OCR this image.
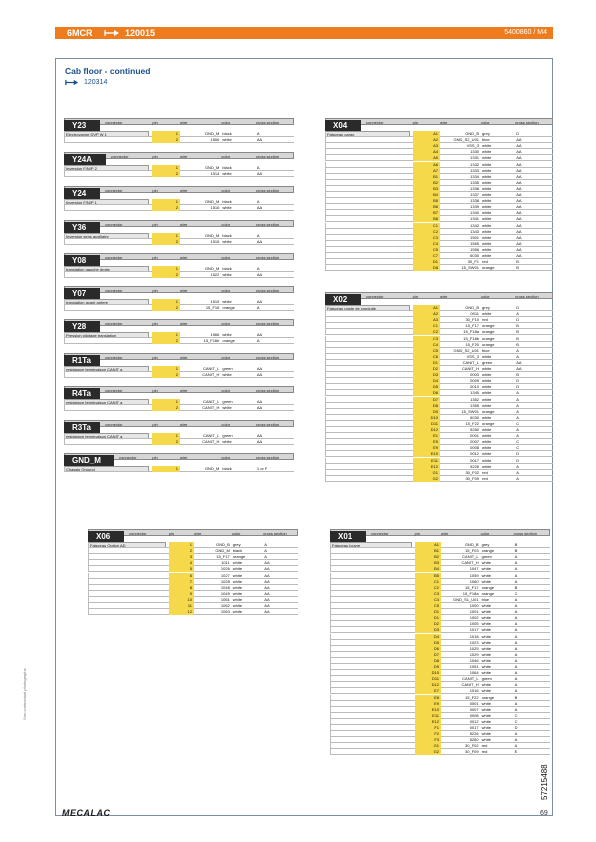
6MCR	120015	5400860 / M4
Cab floor - continued
120314
connector	pin	wire	color	cross section
Y23
Electrovanne DVP W 1	1	GND_M black	A
2	1506 white	AA
connector	pin	wire	color	cross section
Y24A
Inversion F/N/P 2	1	GND_M black	A
2	1514 white	AA
connector	pin	wire	color	cross section
Y24
Inversion F/N/P 1	1	GND_M black	A
2	1516 white	AA
connector	pin	wire	color	cross section
Y36
Inversion sens auxiliaire	1	GND_M black	A
2	1515 white	AA
connector	pin	wire	color	cross section
Y08
translation gauche droite	1	GND_M black	A
2	1522 white	AA
connector	pin	wire	color	cross section
Y07
translation avant arriere	1	1519 white	AA
2	15_F16 orange	A
connector	pin	wire	color	cross section
Y28
Pression pilotage translation	1	1566 white	AA
2	15_F16b orange	A
connector	pin	wire	color	cross section
R1Ta
resistance terminaison CANIT a	1	CANIT_L green	AA
2	CANIT_H white	AA
connector	pin	wire	color	cross section
R4Ta
resistance terminaison CANIT a	1	CANIT_L green	AA
2	CANIT_H white	AA
connector	pin	wire	color	cross section
R3Ta
resistance terminaison CANIT a	1	CANIT_L green	AA
2	CANIT_H white	AA
connector	pin	wire	color	cross section
GND_M
Chassis Ground	1	GND_M black	1 or F
connector	pin	wire	color	cross section
X04
Faisceau cargo	A1	GND_B grey	D
A2	GND_S2_U01 blue	AA
A3	VSS_3 white	AA
A4	1330 white	AA
A5	1331 white	AA
A6	1332 white	AA
A7	1333 white	AA
B1	1334 white	AA
B2	1335 white	AA
B3	1336 white	AA
B4	1337 white	AA
B5	1338 white	AA
B6	1339 white	AA
B7	1340 white	AA
B8	1341 white	AA
C1	1342 white	AA
C2	1343 white	AA
C3	1501 white	AA
C4	1565 white	AA
C5	1556 white	AA
C7	6030 white	AA
D1	30_F1 red	B
D8	15_SW01 orange	B
connector	pin	wire	color	cross section
X02
Faisceau poste de conduite	A1	GND_B grey	D
A2	0011 white	A
A3	30_F10 red	D
C1	15_F17 orange	B
C2	15_F18a orange	B
C3	15_F18b orange	B
C4	15_F20 orange	B
C5	GND_S2_U01 blue	A
C6	VSS_3 white	A
D1	CANIT_L green	AA
D2	CANIT_H white	AA
D3	0003 white	B
D4	0009 white	D
D5	0010 white	D
D6	1345 white	A
D7	1352 white	A
D8	1355 white	A
D9	15_SW01 orange	A
D10	6030 white	A
D11	15_F22 orange	C
D12	5260 white	A
E1	0001 white	A
E5	0007 white	C
E9	0008 white	C
E10	0012 white	D
E11	0017 white	D
E12	5226 white	A
G1	30_F02 red	A
G2	30_F09 red	A
connector	pin	wire	color	cross section
X06
Faisceau Option AD	1	GND_B grey	A
2	GND_M black	A
3	15_F17 orange	A
4	1011 white	AA
5	1026 white	AA
6	1027 white	AA
7	1028 white	AA
8	1048 white	AA
9	1049 white	AA
10	1061 white	AA
11	1062 white	AA
12	1063 white	AA
connector	pin	wire	color	cross section
X01
Faisceau louvre	A1	GND_B grey	B
B1	15_F03 orange	B
B2	CANIT_L green	A
B3	CANIT_H white	A
B4	1047 white	A
B5	1059 white	A
C1	1060 white	A
C2	15_F17 orange	B
C3	15_F18a orange	C
C4	GND_S1_U01 blue	A
C5	1000 white	A
D1	1001 white	A
D1	1002 white	A
D2	1005 white	A
D3	1017 white	A
D4	1018 white	A
D5	1023 white	A
D6	1025 white	A
D7	1029 white	A
D8	1046 white	A
D9	1051 white	A
D10	1064 white	A
D11	CANIT_L green	A
D12	CANIT_H white	A
E7	1016 white	A
E8	15_F22 orange	B
E9	0001 white	A
E10	0007 white	A
E11	0008 white	C
E12	0012 white	C
F1	0017 white	D
F2	5226 white	A
F3	5260 white	A
G1	30_F02 red	A
G2	30_F09 red	E
MECALAC	69
Non-contractual photographs
57215488
